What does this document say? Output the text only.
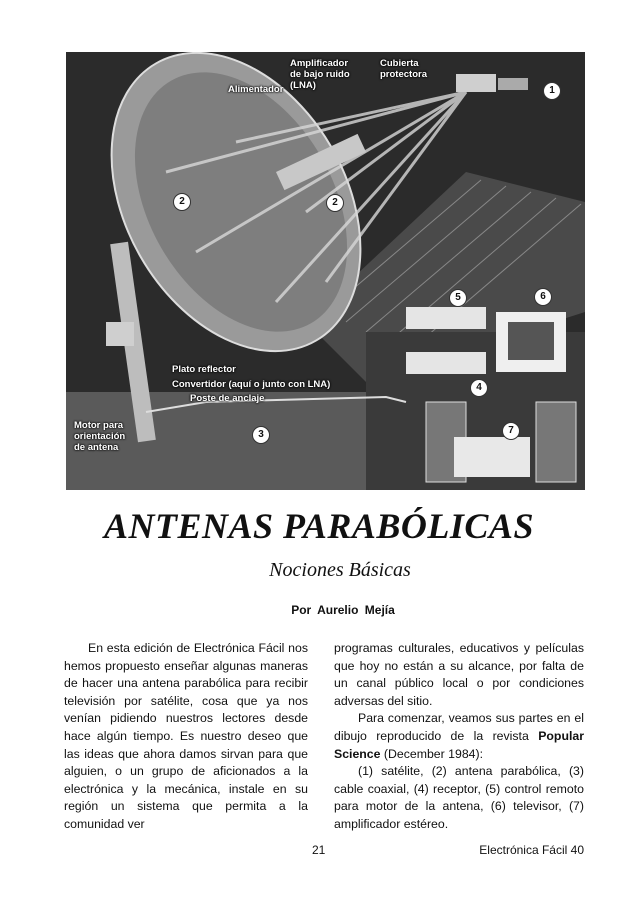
Amplificador
de bajo ruido
(LNA)
Cubierta
protectora
Alimentador
Plato reflector
Convertidor (aquí o junto con LNA)
Poste de anclaje
Motor para
orientación
de antena
1
2	2
3
4
5	6
7
ANTENAS PARABÓLICAS
Nociones Básicas
Por Aurelio Mejía

En esta edición de Electrónica Fácil nos hemos propuesto enseñar algunas maneras de hacer una antena parabólica para recibir televisión por satélite, cosa que ya nos venían pidiendo nuestros lectores desde hace algún tiempo. Es nuestro deseo que las ideas que ahora damos sirvan para que alguien, o un grupo de aficionados a la electrónica y la mecánica, instale en su región un sistema que permita a la comunidad ver

programas culturales, educativos y películas que hoy no están a su alcance, por falta de un canal público local o por condiciones adversas del sitio.

Para comenzar, veamos sus partes en el dibujo reproducido de la revista Popular Science (December 1984):

(1) satélite, (2) antena parabólica, (3) cable coaxial, (4) receptor, (5) control remoto para motor de la antena, (6) televisor, (7) amplificador estéreo.

21	Electrónica Fácil 40
